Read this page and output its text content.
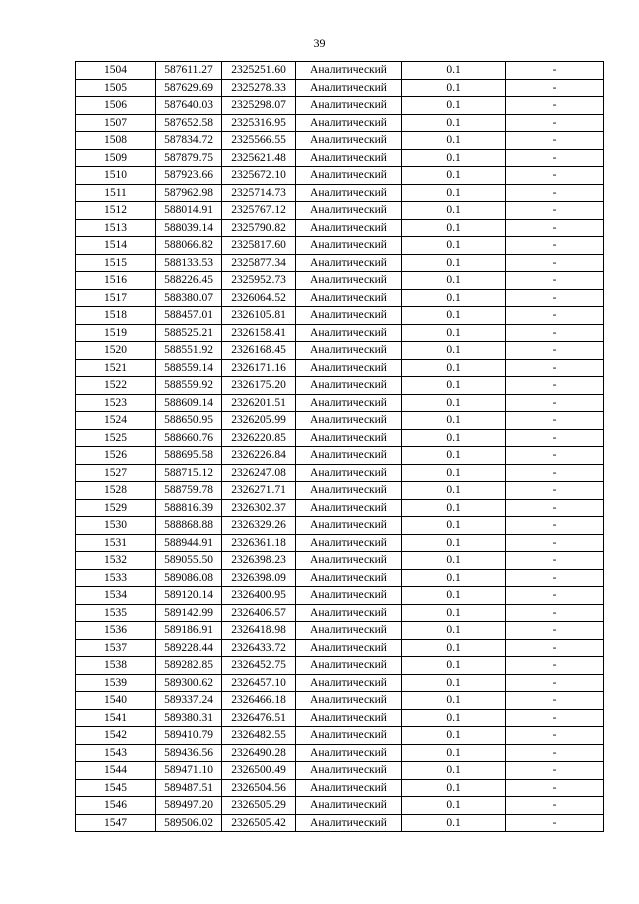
39
1504	587611.27	2325251.60	Аналитический	0.1	-
1505	587629.69	2325278.33	Аналитический	0.1	-
1506	587640.03	2325298.07	Аналитический	0.1	-
1507	587652.58	2325316.95	Аналитический	0.1	-
1508	587834.72	2325566.55	Аналитический	0.1	-
1509	587879.75	2325621.48	Аналитический	0.1	-
1510	587923.66	2325672.10	Аналитический	0.1	-
1511	587962.98	2325714.73	Аналитический	0.1	-
1512	588014.91	2325767.12	Аналитический	0.1	-
1513	588039.14	2325790.82	Аналитический	0.1	-
1514	588066.82	2325817.60	Аналитический	0.1	-
1515	588133.53	2325877.34	Аналитический	0.1	-
1516	588226.45	2325952.73	Аналитический	0.1	-
1517	588380.07	2326064.52	Аналитический	0.1	-
1518	588457.01	2326105.81	Аналитический	0.1	-
1519	588525.21	2326158.41	Аналитический	0.1	-
1520	588551.92	2326168.45	Аналитический	0.1	-
1521	588559.14	2326171.16	Аналитический	0.1	-
1522	588559.92	2326175.20	Аналитический	0.1	-
1523	588609.14	2326201.51	Аналитический	0.1	-
1524	588650.95	2326205.99	Аналитический	0.1	-
1525	588660.76	2326220.85	Аналитический	0.1	-
1526	588695.58	2326226.84	Аналитический	0.1	-
1527	588715.12	2326247.08	Аналитический	0.1	-
1528	588759.78	2326271.71	Аналитический	0.1	-
1529	588816.39	2326302.37	Аналитический	0.1	-
1530	588868.88	2326329.26	Аналитический	0.1	-
1531	588944.91	2326361.18	Аналитический	0.1	-
1532	589055.50	2326398.23	Аналитический	0.1	-
1533	589086.08	2326398.09	Аналитический	0.1	-
1534	589120.14	2326400.95	Аналитический	0.1	-
1535	589142.99	2326406.57	Аналитический	0.1	-
1536	589186.91	2326418.98	Аналитический	0.1	-
1537	589228.44	2326433.72	Аналитический	0.1	-
1538	589282.85	2326452.75	Аналитический	0.1	-
1539	589300.62	2326457.10	Аналитический	0.1	-
1540	589337.24	2326466.18	Аналитический	0.1	-
1541	589380.31	2326476.51	Аналитический	0.1	-
1542	589410.79	2326482.55	Аналитический	0.1	-
1543	589436.56	2326490.28	Аналитический	0.1	-
1544	589471.10	2326500.49	Аналитический	0.1	-
1545	589487.51	2326504.56	Аналитический	0.1	-
1546	589497.20	2326505.29	Аналитический	0.1	-
1547	589506.02	2326505.42	Аналитический	0.1	-
